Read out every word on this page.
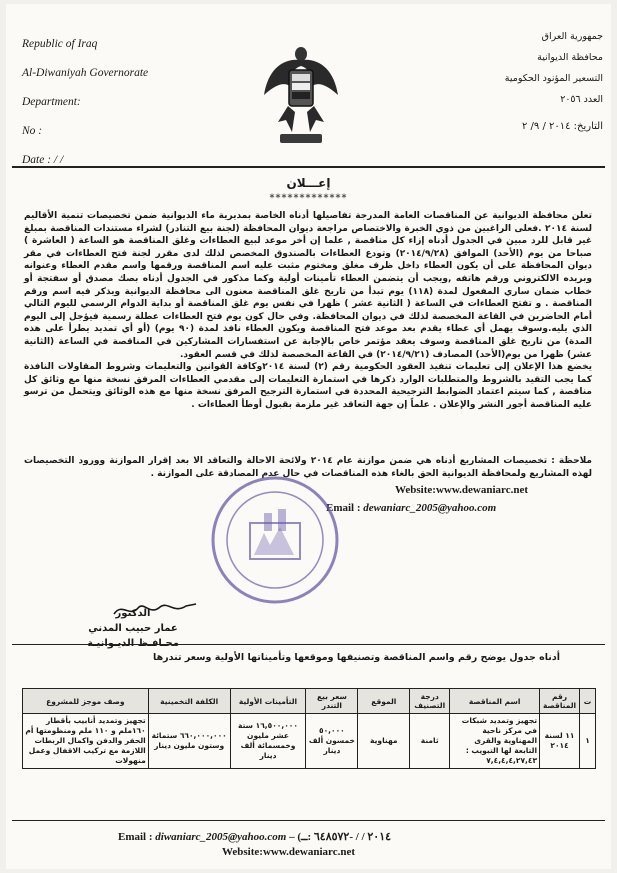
Republic of Iraq
Al-Diwaniyah Governorate
Department:
No :
Date : / /
جمهورية العراق
محافظة الديوانية
التسعير المؤنود الحكومية
العدد ٢٠٥٦
التاريخ: ٢٠١٤ / ٩/ ٢
إعـــلان
*************

تعلن محافظة الديوانية عن المناقصات العامة المدرجة تفاصيلها أدناه الخاصة بمديرية ماء الديوانية ضمن تخصيصات تنمية الأقاليم لسنة ٢٠١٤ .فعلى الراغبين من ذوي الخبرة والاختصاص مراجعة ديوان المحافظة (لجنة بيع التنادر) لشراء مستندات المناقصة بمبلغ غير قابل للرد مبين في الجدول أدناه إزاء كل مناقصة , علما إن أخر موعد لبيع العطاءات وغلق المناقصة هو الساعة ( العاشرة ) صباحا من يوم (الأحد) الموافق (٢٠١٤/٩/٢٨) وتودع العطاءات بالصندوق المخصص لذلك لدى مقرر لجنة فتح العطاءات في مقر ديوان المحافظة على أن يكون العطاء داخل ظرف مغلق ومختوم مثبت عليه اسم المناقصة ورقمها واسم مقدم العطاء وعنوانه وبريده الالكتروني ورقم هاتفه ,ويجب أن يتضمن العطاء تأمينات أولية وكما مذكور في الجدول أدناه بصك مصدق أو سفتجة أو خطاب ضمان ساري المفعول لمدة (١١٨) يوم تبدأ من تاريخ غلق المناقصة معنون الى محافظة الديوانية ويذكر فيه اسم ورقم المناقصة . و تفتح العطاءات في الساعة ( الثانية عشر ) ظهرا في نفس يوم غلق المناقصة أو بداية الدوام الرسمي لليوم التالي أمام الحاضرين في القاعة المخصصة لذلك في ديوان المحافظة. وفي حال كون يوم فتح العطاءات عطلة رسمية فيؤجل إلى اليوم الذي يليه.وسوف يهمل أي عطاء يقدم بعد موعد فتح المناقصة ويكون العطاء نافذ لمدة (٩٠ يوم) (أو أي تمديد يطرأ على هذه المدة) من تاريخ غلق المناقصة وسوف يعقد مؤتمر خاص بالإجابة عن استفسارات المشاركين في المناقصة في الساعة (الثانية عشر) ظهرا من يوم(الأحد) المصادف (٢٠١٤/٩/٢١) في القاعة المخصصة لذلك في قسم العقود.

يخضع هذا الإعلان إلى تعليمات تنفيذ العقود الحكومية رقم (٢) لسنة ٢٠١٤وكافة القوانين والتعليمات وشروط المقاولات النافذة كما يجب التقيد بالشروط والمتطلبات الوارد ذكرها في استمارة التعليمات إلى مقدمي العطاءات المرفق نسخة منها مع وثائق كل مناقصة , كما سيتم اعتماد الضوابط الترجيحية المحددة في استمارة الترجيح المرفق نسخة منها مع هذه الوثائق ويتحمل من ترسو عليه المناقصة أجور النشر والإعلان . علماً إن جهة التعاقد غير ملزمة بقبول أوطأ العطاءات .

ملاحظة : تخصيصات المشاريع أدناه هي ضمن موازنة عام ٢٠١٤ ولائحة الاحالة والتعاقد الا بعد إقرار الموازنة وورود التخصيصات لهذه المشاريع ولمحافظة الديوانية الحق بالغاء هذه المناقصات في حال عدم المصادقة على الموازنة .
Website:www.dewaniarc.net
Email : dewaniarc_2005@yahoo.com
الدكتور
عمار حبيب المدني
محـافـظ الديـوانيـة
أدناه جدول يوضح رقم واسم المناقصة وتصنيفها وموقعها وتأميناتها الأولية وسعر تندرها
ت	رقم المناقصة	اسم المناقصة	درجة التصنيف	الموقع	سعر بيع التندر	التأمينات الأولية	الكلفة التخمينية	وصف موجز للمشروع
١	١١ لسنة ٢٠١٤	تجهيز وتمديد شبكات في مركز ناحية المهناوية والقرى التابعة لها التبويب : ٧,٤,٤,٤,٢٧,٤٣	ثامنة	مهناوية	٥٠,٠٠٠ خمسون ألف دينار	١٦,٥٠٠,٠٠٠ ستة عشر مليون وخمسمائة ألف دينار	٦٦٠,٠٠٠,٠٠٠ ستمائة وستون مليون دينار	تجهيز وتمديد أنابيب بأقطار ١٦٠ملم و ١١٠ ملم ومنظومتها أم الحفر والدفن واكمال الربطات اللازمة مع تركيب الاقفال وعمل منهولات
Email : diwaniarc_2005@yahoo.com – (٢٠١٤ / / -٦٤٨٥٧٢ :ــ
Website:www.dewaniarc.net
